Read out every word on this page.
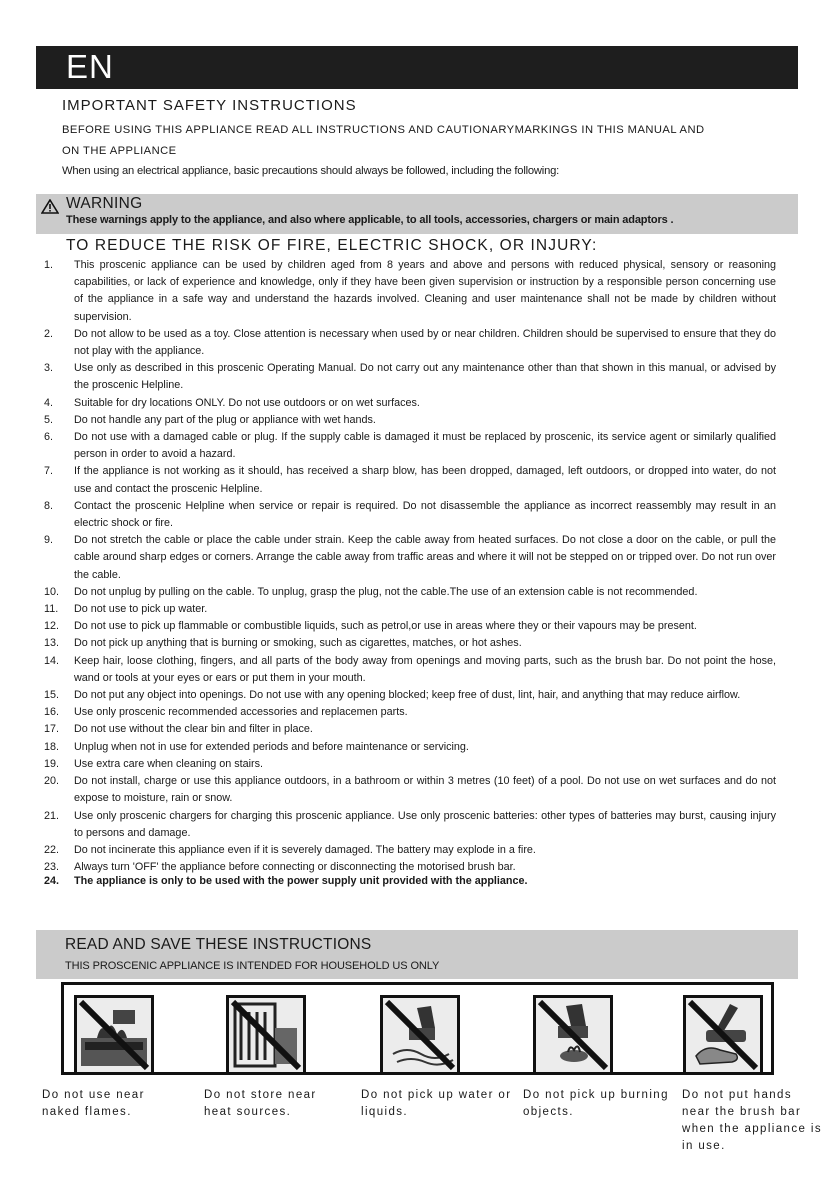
EN
IMPORTANT SAFETY INSTRUCTIONS
BEFORE USING THIS APPLIANCE READ ALL INSTRUCTIONS AND CAUTIONARYMARKINGS IN THIS MANUAL AND
ON THE APPLIANCE
When using an electrical appliance, basic precautions should always be followed, including the following:
WARNING
These warnings apply to the appliance, and also where applicable, to all tools, accessories, chargers or main adaptors .
TO REDUCE THE RISK OF FIRE, ELECTRIC SHOCK, OR INJURY:
1. This proscenic appliance can be used by children aged from 8 years and above and persons with reduced physical, sensory or reasoning capabilities, or lack of experience and knowledge, only if they have been given supervision or instruction by a responsible person concerning use of the appliance in a safe way and understand the hazards involved. Cleaning and user maintenance shall not be made by children without supervision.
2. Do not allow to be used as a toy. Close attention is necessary when used by or near children. Children should be supervised to ensure that they do not play with the appliance.
3. Use only as described in this proscenic Operating Manual. Do not carry out any maintenance other than that shown in this manual, or advised by the proscenic Helpline.
4. Suitable for dry locations ONLY. Do not use outdoors or on wet surfaces.
5. Do not handle any part of the plug or appliance with wet hands.
6. Do not use with a damaged cable or plug. If the supply cable is damaged it must be replaced by proscenic, its service agent or similarly qualified person in order to avoid a hazard.
7. If the appliance is not working as it should, has received a sharp blow, has been dropped, damaged, left outdoors, or dropped into water, do not use and contact the proscenic Helpline.
8. Contact the proscenic Helpline when service or repair is required. Do not disassemble the appliance as incorrect reassembly may result in an electric shock or fire.
9. Do not stretch the cable or place the cable under strain. Keep the cable away from heated surfaces. Do not close a door on the cable, or pull the cable around sharp edges or corners. Arrange the cable away from traffic areas and where it will not be stepped on or tripped over. Do not run over the cable.
10. Do not unplug by pulling on the cable. To unplug, grasp the plug, not the cable.The use of an extension cable is not recommended.
11. Do not use to pick up water.
12. Do not use to pick up flammable or combustible liquids, such as petrol,or use in areas where they or their vapours may be present.
13. Do not pick up anything that is burning or smoking, such as cigarettes, matches, or hot ashes.
14. Keep hair, loose clothing, fingers, and all parts of the body away from openings and moving parts, such as the brush bar. Do not point the hose, wand or tools at your eyes or ears or put them in your mouth.
15. Do not put any object into openings. Do not use with any opening blocked; keep free of dust, lint, hair, and anything that may reduce airflow.
16. Use only proscenic recommended accessories and replacemen parts.
17. Do not use without the clear bin and filter in place.
18. Unplug when not in use for extended periods and before maintenance or servicing.
19. Use extra care when cleaning on stairs.
20. Do not install, charge or use this appliance outdoors, in a bathroom or within 3 metres (10 feet) of a pool. Do not use on wet surfaces and do not expose to moisture, rain or snow.
21. Use only proscenic chargers for charging this proscenic appliance. Use only proscenic batteries: other types of batteries may burst, causing injury to persons and damage.
22. Do not incinerate this appliance even if it is severely damaged. The battery may explode in a fire.
23. Always turn 'OFF' the appliance before connecting or disconnecting the motorised brush bar.
24. The appliance is only to be used with the power supply unit provided with the appliance.
READ AND SAVE THESE INSTRUCTIONS
THIS PROSCENIC APPLIANCE IS INTENDED FOR HOUSEHOLD US ONLY
Do not use near naked flames.
Do not store near heat sources.
Do not pick up water or liquids.
Do not pick up burning objects.
Do not put hands near the brush bar when the appliance is in use.
